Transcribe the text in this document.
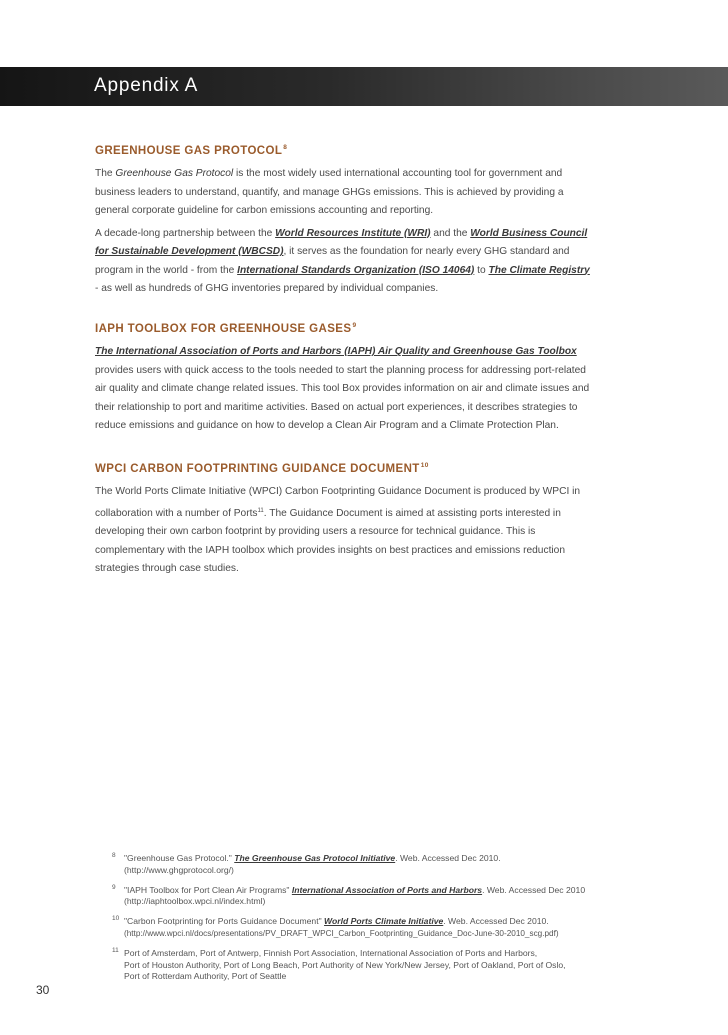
Appendix A
GREENHOUSE GAS PROTOCOL$^8$

The Greenhouse Gas Protocol is the most widely used international accounting tool for government and business leaders to understand, quantify, and manage GHGs emissions. This is achieved by providing a general corporate guideline for carbon emissions accounting and reporting.

A decade-long partnership between the World Resources Institute (WRI) and the World Business Council for Sustainable Development (WBCSD), it serves as the foundation for nearly every GHG standard and program in the world - from the International Standards Organization (ISO 14064) to The Climate Registry - as well as hundreds of GHG inventories prepared by individual companies.

IAPH TOOLBOX FOR GREENHOUSE GASES$^9$

The International Association of Ports and Harbors (IAPH) Air Quality and Greenhouse Gas Toolbox provides users with quick access to the tools needed to start the planning process for addressing port-related air quality and climate change related issues. This tool Box provides information on air and climate issues and their relationship to port and maritime activities. Based on actual port experiences, it describes strategies to reduce emissions and guidance on how to develop a Clean Air Program and a Climate Protection Plan.

WPCI CARBON FOOTPRINTING GUIDANCE DOCUMENT$^{10}$

The World Ports Climate Initiative (WPCI) Carbon Footprinting Guidance Document is produced by WPCI in collaboration with a number of Ports$^{11}$. The Guidance Document is aimed at assisting ports interested in developing their own carbon footprint by providing users a resource for technical guidance. This is complementary with the IAPH toolbox which provides insights on best practices and emissions reduction strategies through case studies.

8 "Greenhouse Gas Protocol." The Greenhouse Gas Protocol Initiative. Web. Accessed Dec 2010.
(http://www.ghgprotocol.org/)
9 "IAPH Toolbox for Port Clean Air Programs" International Association of Ports and Harbors. Web. Accessed Dec 2010
(http://iaphtoolbox.wpci.nl/index.html)
10 "Carbon Footprinting for Ports Guidance Document" World Ports Climate Initiative. Web. Accessed Dec 2010.
(http://www.wpci.nl/docs/presentations/PV_DRAFT_WPCI_Carbon_Footprinting_Guidance_Doc-June-30-2010_scg.pdf)
11 Port of Amsterdam, Port of Antwerp, Finnish Port Association, International Association of Ports and Harbors,
Port of Houston Authority, Port of Long Beach, Port Authority of New York/New Jersey, Port of Oakland, Port of Oslo,
Port of Rotterdam Authority, Port of Seattle
30
